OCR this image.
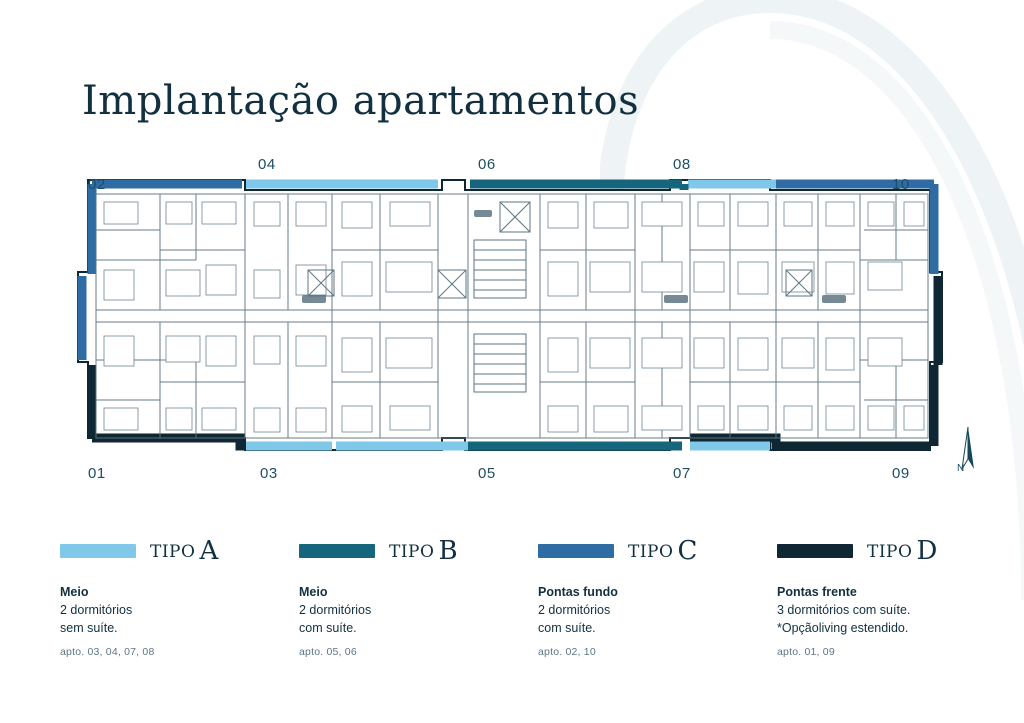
Implantação apartamentos
02
04	06	08
10
01	03	05	07	09	N
TIPO A
Meio
2 dormitórios
sem suíte.
apto. 03, 04, 07, 08
TIPO B
Meio
2 dormitórios
com suíte.
apto. 05, 06
TIPO C
Pontas fundo
2 dormitórios
com suíte.
apto. 02, 10
TIPO D
Pontas frente
3 dormitórios com suíte.
*Opçãoliving estendido.
apto. 01, 09
